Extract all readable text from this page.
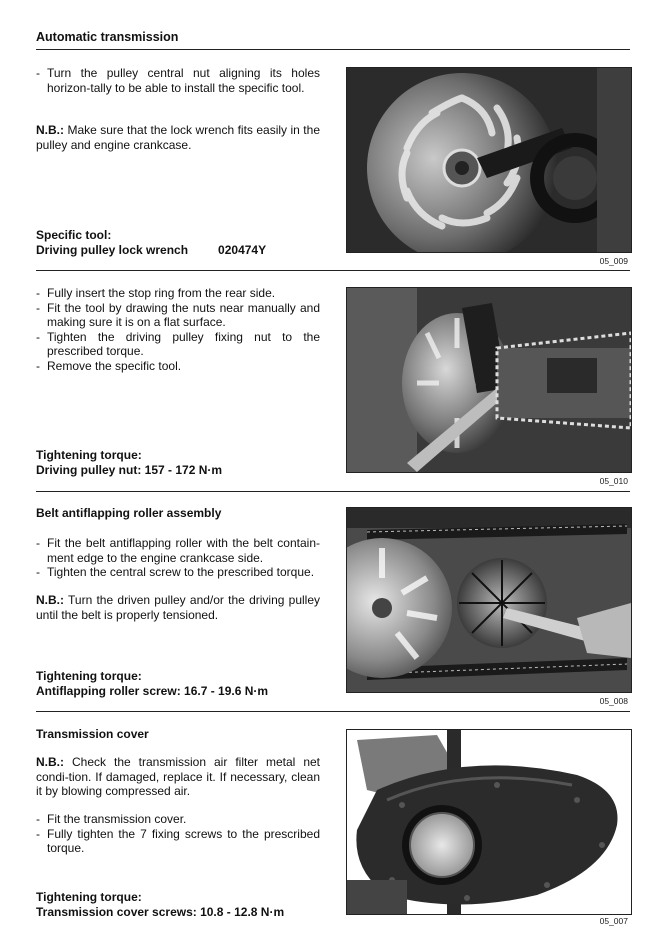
Automatic transmission
- Turn the pulley central nut aligning its holes horizon-tally to be able to install the specific tool.

N.B.: Make sure that the lock wrench fits easily in the pulley and engine crankcase.

Specific tool:
Driving pulley lock wrench	020474Y
05_009
- Fully insert the stop ring from the rear side.
- Fit the tool by drawing the nuts near manually and making sure it is on a flat surface.
- Tighten the driving pulley fixing nut to the prescribed torque.
- Remove the specific tool.
Tightening torque:
Driving pulley nut: 157 - 172 N·m
05_010
Belt antiflapping roller assembly
- Fit the belt antiflapping roller with the belt contain-ment edge to the engine crankcase side.
- Tighten the central screw to the prescribed torque.

N.B.: Turn the driven pulley and/or the driving pulley until the belt is properly tensioned.

Tightening torque:
Antiflapping roller screw: 16.7 - 19.6 N·m
05_008
Transmission cover

N.B.: Check the transmission air filter metal net condi-tion. If damaged, replace it. If necessary, clean it by blowing compressed air.

- Fit the transmission cover.
- Fully tighten the 7 fixing screws to the prescribed torque.
Tightening torque:
Transmission cover screws: 10.8 - 12.8 N·m
05_007
